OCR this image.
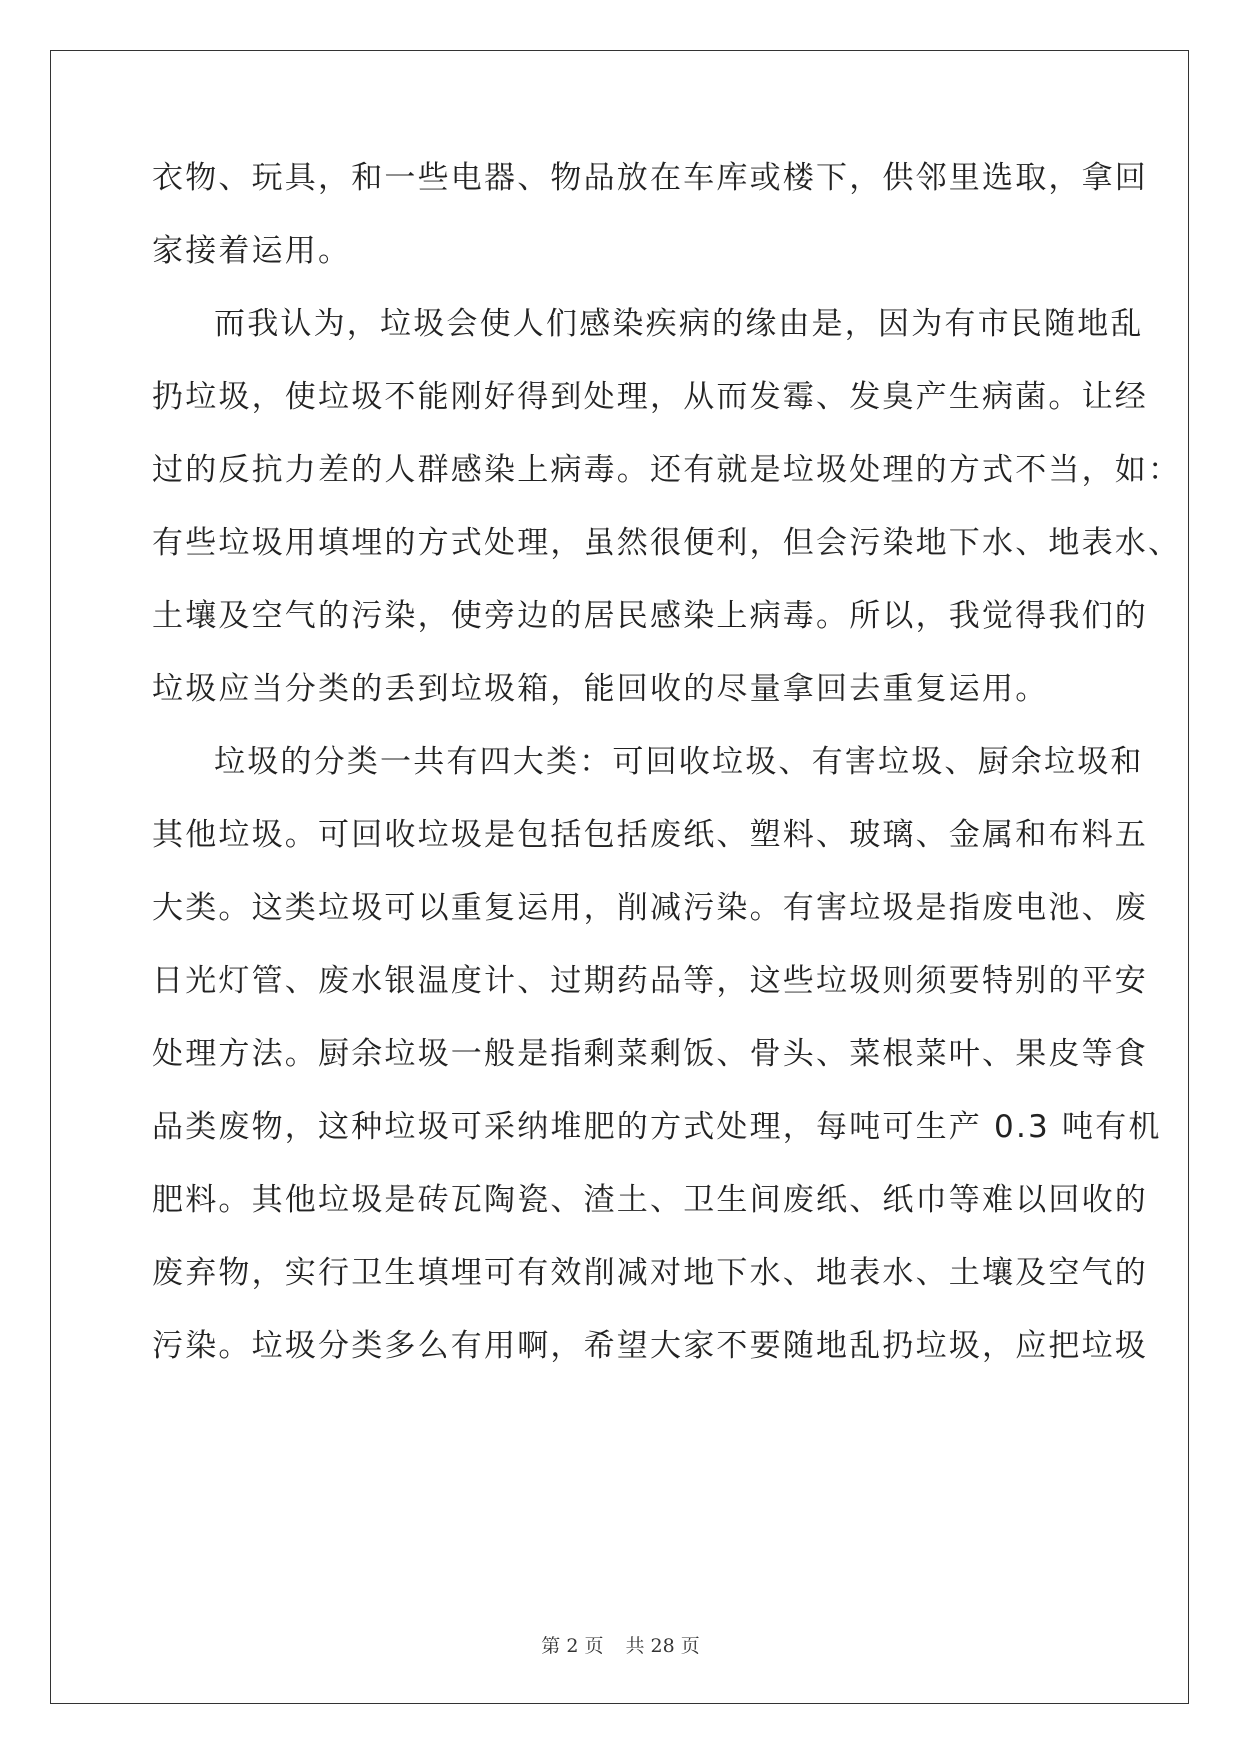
衣物、玩具，和一些电器、物品放在车库或楼下，供邻里选取，拿回
家接着运用。
而我认为，垃圾会使人们感染疾病的缘由是，因为有市民随地乱
扔垃圾，使垃圾不能刚好得到处理，从而发霉、发臭产生病菌。让经
过的反抗力差的人群感染上病毒。还有就是垃圾处理的方式不当，如：
有些垃圾用填埋的方式处理，虽然很便利，但会污染地下水、地表水、
土壤及空气的污染，使旁边的居民感染上病毒。所以，我觉得我们的
垃圾应当分类的丢到垃圾箱，能回收的尽量拿回去重复运用。
垃圾的分类一共有四大类：可回收垃圾、有害垃圾、厨余垃圾和
其他垃圾。可回收垃圾是包括包括废纸、塑料、玻璃、金属和布料五
大类。这类垃圾可以重复运用，削减污染。有害垃圾是指废电池、废
日光灯管、废水银温度计、过期药品等，这些垃圾则须要特别的平安
处理方法。厨余垃圾一般是指剩菜剩饭、骨头、菜根菜叶、果皮等食
品类废物，这种垃圾可采纳堆肥的方式处理，每吨可生产 0.3 吨有机
肥料。其他垃圾是砖瓦陶瓷、渣土、卫生间废纸、纸巾等难以回收的
废弃物，实行卫生填埋可有效削减对地下水、地表水、土壤及空气的
污染。垃圾分类多么有用啊，希望大家不要随地乱扔垃圾，应把垃圾
第 2 页 共 28 页
